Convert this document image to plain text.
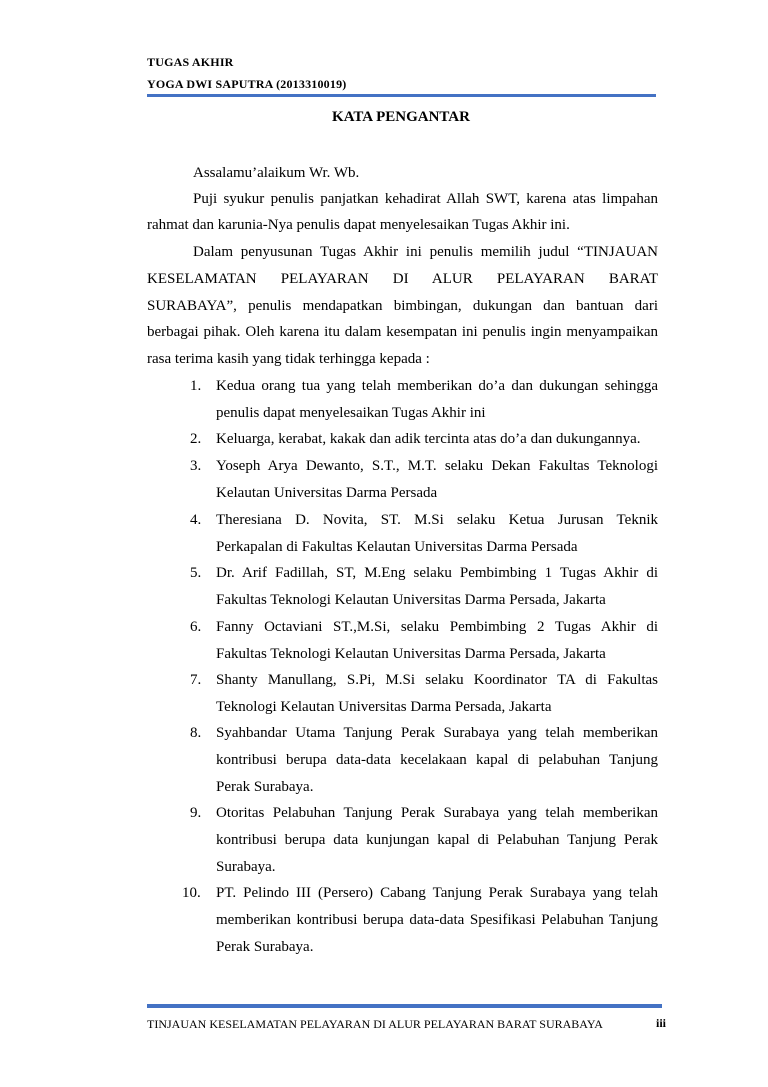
TUGAS AKHIR
YOGA DWI SAPUTRA (2013310019)
KATA PENGANTAR
Assalamu’alaikum Wr. Wb.
Puji syukur penulis panjatkan kehadirat Allah SWT, karena atas limpahan
rahmat dan karunia-Nya penulis dapat menyelesaikan Tugas Akhir ini.
Dalam penyusunan Tugas Akhir ini penulis memilih judul “TINJAUAN
KESELAMATAN PELAYARAN DI ALUR PELAYARAN BARAT
SURABAYA”, penulis mendapatkan bimbingan, dukungan dan bantuan dari
berbagai pihak. Oleh karena itu dalam kesempatan ini penulis ingin menyampaikan
rasa terima kasih yang tidak terhingga kepada :
1. Kedua orang tua yang telah memberikan do’a dan dukungan sehingga
penulis dapat menyelesaikan Tugas Akhir ini
2. Keluarga, kerabat, kakak dan adik tercinta atas do’a dan dukungannya.
3. Yoseph Arya Dewanto, S.T., M.T. selaku Dekan Fakultas Teknologi
Kelautan Universitas Darma Persada
4. Theresiana D. Novita, ST. M.Si selaku Ketua Jurusan Teknik
Perkapalan di Fakultas Kelautan Universitas Darma Persada
5. Dr. Arif Fadillah, ST, M.Eng selaku Pembimbing 1 Tugas Akhir di
Fakultas Teknologi Kelautan Universitas Darma Persada, Jakarta
6. Fanny Octaviani ST.,M.Si, selaku Pembimbing 2 Tugas Akhir di
Fakultas Teknologi Kelautan Universitas Darma Persada, Jakarta
7. Shanty Manullang, S.Pi, M.Si selaku Koordinator TA di Fakultas
Teknologi Kelautan Universitas Darma Persada, Jakarta
8. Syahbandar Utama Tanjung Perak Surabaya yang telah memberikan
kontribusi berupa data-data kecelakaan kapal di pelabuhan Tanjung
Perak Surabaya.
9. Otoritas Pelabuhan Tanjung Perak Surabaya yang telah memberikan
kontribusi berupa data kunjungan kapal di Pelabuhan Tanjung Perak
Surabaya.
10.	PT. Pelindo III (Persero) Cabang Tanjung Perak Surabaya yang telah
memberikan kontribusi berupa data-data Spesifikasi Pelabuhan Tanjung
Perak Surabaya.
TINJAUAN KESELAMATAN PELAYARAN DI ALUR PELAYARAN BARAT SURABAYA	iii
